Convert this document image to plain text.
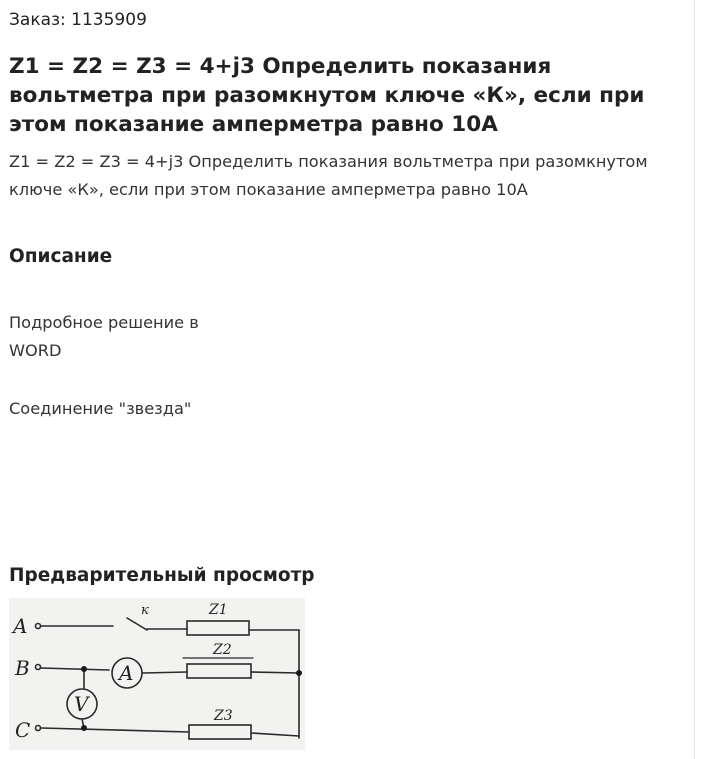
Заказ: 1135909
Z1 = Z2 = Z3 = 4+j3 Определить показания вольтметра при разомкнутом ключе «К», если при этом показание амперметра равно 10А
Z1 = Z2 = Z3 = 4+j3 Определить показания вольтметра при разомкнутом ключе «К», если при этом показание амперметра равно 10А
Описание
Подробное решение в
WORD
Соединение "звезда"
Предварительный просмотр
A
B
C
к	Z1
Z2
Z3
A
V
